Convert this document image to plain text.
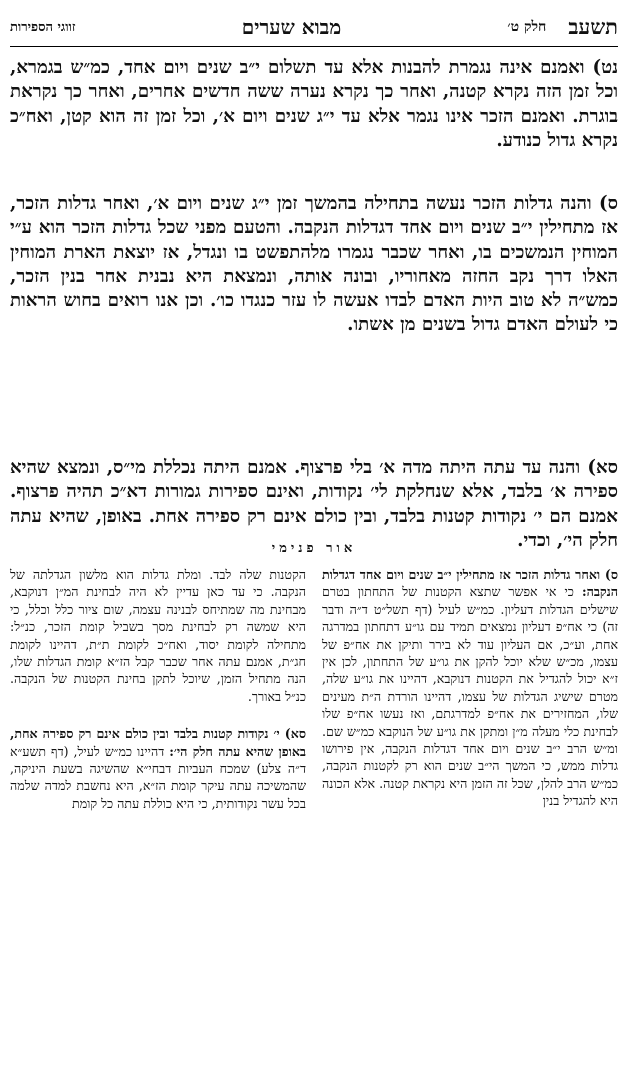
תשעב
חלק ט׳
מבוא שערים
זווגי הספירות

נט) ואמנם אינה נגמרת להבנות אלא עד תשלום י״ב שנים ויום אחד, כמ״ש בגמרא, וכל זמן הזה נקרא קטנה, ואחר כך נקרא נערה ששה חדשים אחרים, ואחר כך נקראת בוגרת. ואמנם הזכר אינו נגמר אלא עד י״ג שנים ויום א׳, וכל זמן זה הוא קטן, ואח״כ נקרא גדול כנודע.

ס) והנה גדלות הזכר נעשה בתחילה בהמשך זמן י״ג שנים ויום א׳, ואחר גדלות הזכר, אז מתחילין י״ב שנים ויום אחד דגדלות הנקבה. והטעם מפני שכל גדלות הזכר הוא ע״י המוחין הנמשכים בו, ואחר שכבר נגמרו מלהתפשט בו ונגדל, אז יוצאת הארת המוחין האלו דרך נקב החזה מאחוריו, ובונה אותה, ונמצאת היא נבנית אחר בנין הזכר, כמש״ה לא טוב היות האדם לבדו אעשה לו עזר כנגדו כו׳. וכן אנו רואים בחוש הראות כי לעולם האדם גדול בשנים מן אשתו.

סא) והנה עד עתה היתה מדה א׳ בלי פרצוף. אמנם היתה נכללת מי״ס, ונמצא שהיא ספירה א׳ בלבד, אלא שנחלקת לי׳ נקודות, ואינם ספירות גמורות דא״כ תהיה פרצוף. אמנם הם י׳ נקודות קטנות בלבד, ובין כולם אינם רק ספירה אחת. באופן, שהיא עתה חלק הי׳, וכדי.

אור פנימי

ס) ואחר גדלות הזכר אז מתחילין י״ב שנים ויום אחד דגדלות הנקבה: כי אי אפשר שתצא הקטנות של התחתון בטרם שישלים הגדלות דעליון. כמ״ש לעיל (דף תשל״ט ד״ה ודבר זה) כי אח״פ דעליון נמצאים תמיד עם גו״ע דתחתון במדרגה אחת, וע״כ, אם העליון עוד לא בירר ותיקן את אח״פ של עצמו, מכ״ש שלא יוכל להקן את גו״ע של התחתון, לכן אין ז״א יכול להגדיל את הקטנות דנוקבא, דהיינו את גו״ע שלה, מטרם שישיג הגדלות של עצמו, דהיינו הורדת ה״ת מעינים שלו, המחזירים את אח״פ למדרגתם, ואז נעשו אח״פ שלו לבחינת כלי מעלה מ״ן ומתקן את גו״ע של הנוקבא כמ״ש שם. ומ״ש הרב י״ב שנים ויום אחד דגדלות הנקבה, אין פירושו גדלות ממש, כי המשך הי״ב שנים הוא רק לקטנות הנקבה, כמ״ש הרב להלן, שכל זה הזמן היא נקראת קטנה. אלא הכונה היא להגדיל בנין

הקטנות שלה לבד. ומלת גדלות הוא מלשון הגדלתה של הנקבה. כי עד כאן עדיין לא היה לבחינת המ״ן דנוקבא, מבחינת מה שמתיחס לבנינה עצמה, שום ציור כלל וכלל, כי היא שמשה רק לבחינת מסך בשביל קומת הזכר, כנ״ל: מתחילה לקומת יסוד, ואח״כ לקומת ת״ת, דהיינו לקומת חג״ת, אמנם עתה אחר שכבר קבל הז״א קומת הגדלות שלו, הנה מתחיל הזמן, שיוכל לתקן בחינת הקטנות של הנקבה. כנ״ל באורך.

סא) י׳ נקודות קטנות בלבד ובין כולם אינם רק ספירה אחת, באופן שהיא עתה חלק הי׳: דהיינו כמ״ש לעיל, (דף תשע״א ד״ה צלע) שמכח העביות דבחי״א שהשיגה בשעת היניקה, שהמשיכה עתה עיקר קומת הז״א, היא נחשבת למדה שלמה בכל עשר נקודותית, כי היא כוללת עתה כל קומת
